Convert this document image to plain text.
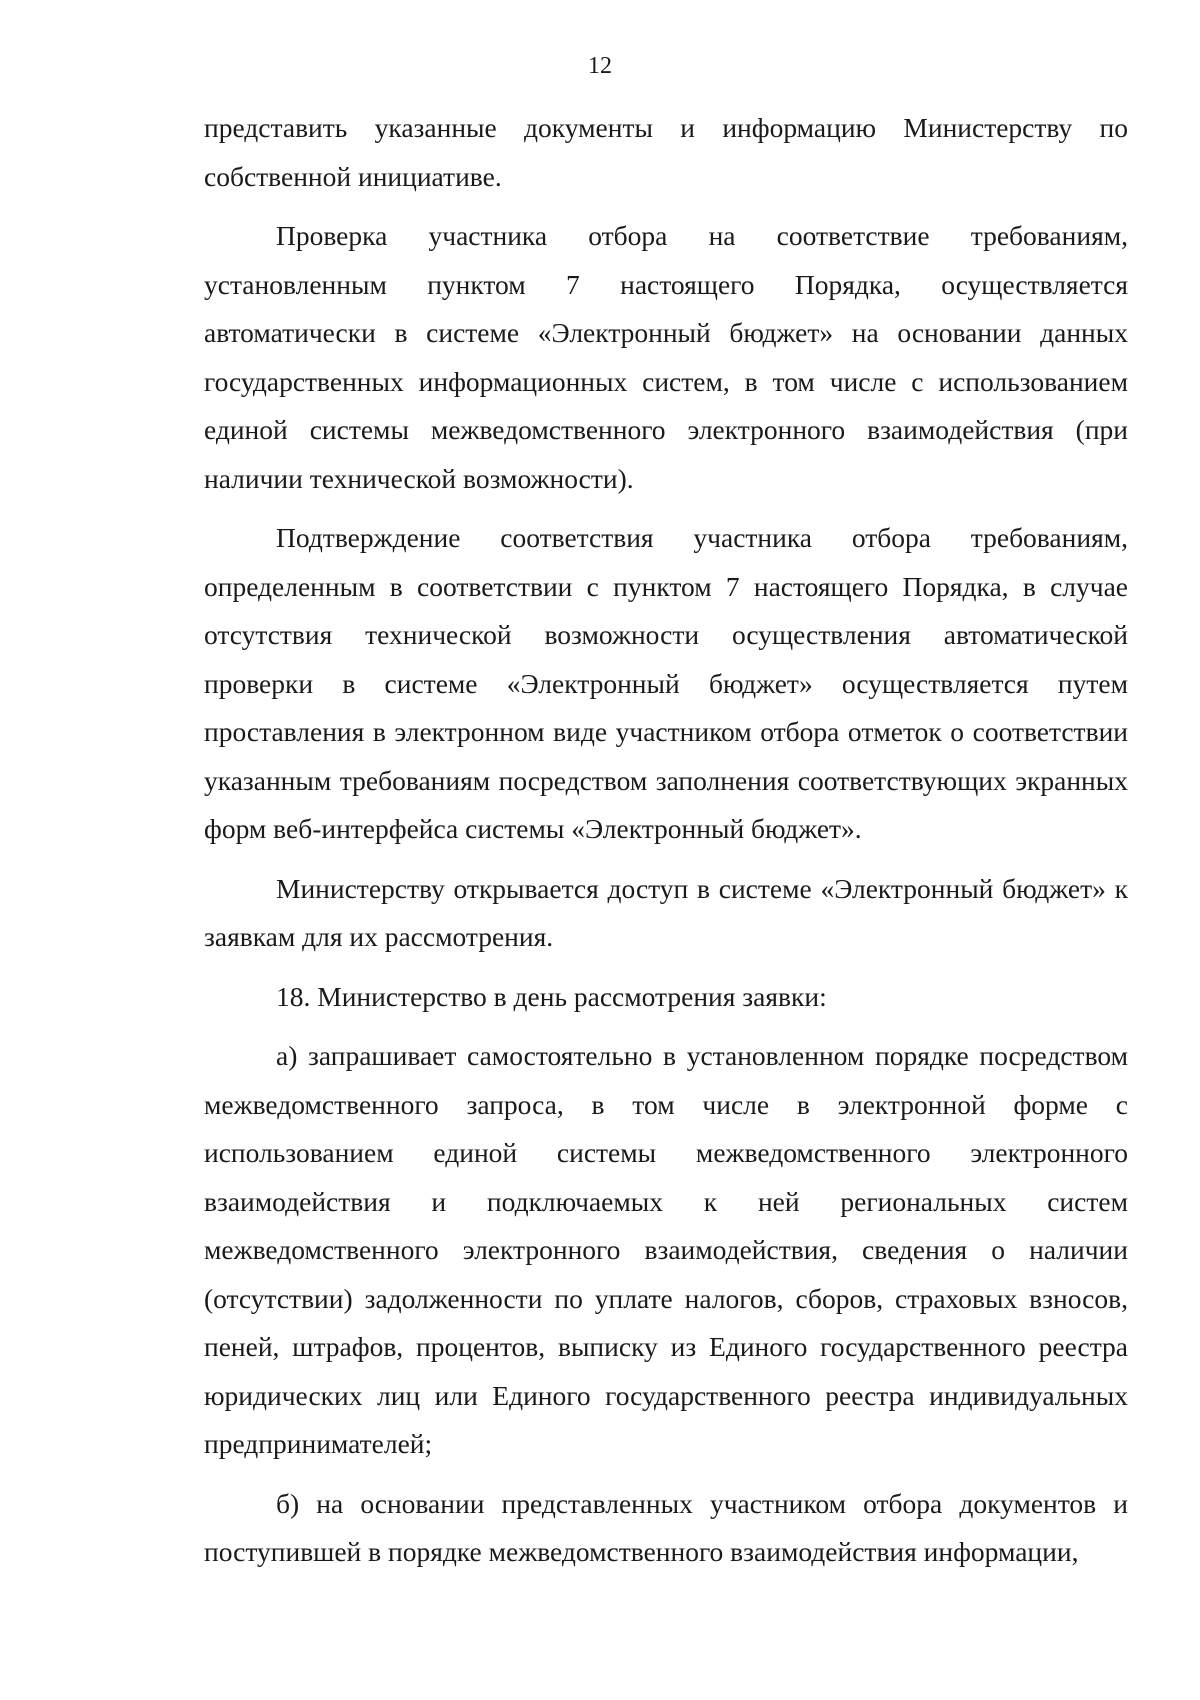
12

представить указанные документы и информацию Министерству по собственной инициативе.

Проверка участника отбора на соответствие требованиям, установленным пунктом 7 настоящего Порядка, осуществляется автоматически в системе «Электронный бюджет» на основании данных государственных информационных систем, в том числе с использованием единой системы межведомственного электронного взаимодействия (при наличии технической возможности).

Подтверждение соответствия участника отбора требованиям, определенным в соответствии с пунктом 7 настоящего Порядка, в случае отсутствия технической возможности осуществления автоматической проверки в системе «Электронный бюджет» осуществляется путем проставления в электронном виде участником отбора отметок о соответствии указанным требованиям посредством заполнения соответствующих экранных форм веб-интерфейса системы «Электронный бюджет».

Министерству открывается доступ в системе «Электронный бюджет» к заявкам для их рассмотрения.

18. Министерство в день рассмотрения заявки:

а) запрашивает самостоятельно в установленном порядке посредством межведомственного запроса, в том числе в электронной форме с использованием единой системы межведомственного электронного взаимодействия и подключаемых к ней региональных систем межведомственного электронного взаимодействия, сведения о наличии (отсутствии) задолженности по уплате налогов, сборов, страховых взносов, пеней, штрафов, процентов, выписку из Единого государственного реестра юридических лиц или Единого государственного реестра индивидуальных предпринимателей;

б) на основании представленных участником отбора документов и поступившей в порядке межведомственного взаимодействия информации,
